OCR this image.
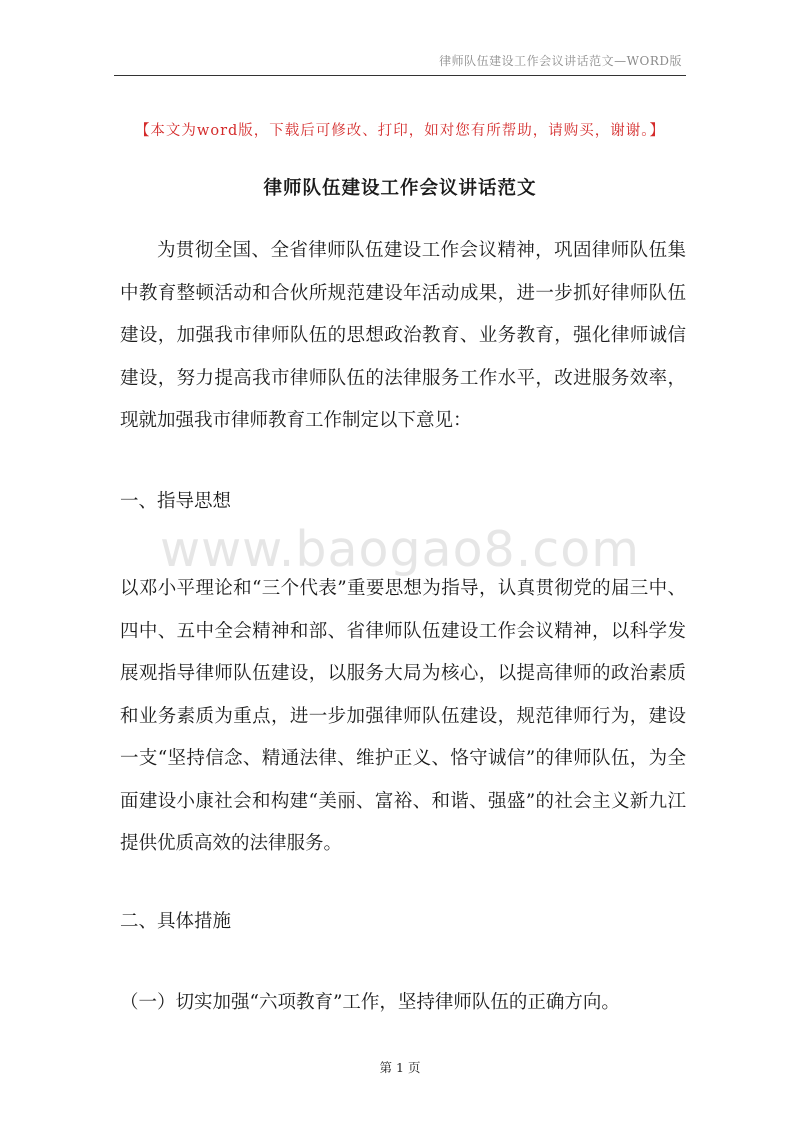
律师队伍建设工作会议讲话范文—WORD版
【本文为word版，下载后可修改、打印，如对您有所帮助，请购买，谢谢。】
律师队伍建设工作会议讲话范文
为贯彻全国、全省律师队伍建设工作会议精神，巩固律师队伍集中教育整顿活动和合伙所规范建设年活动成果，进一步抓好律师队伍建设，加强我市律师队伍的思想政治教育、业务教育，强化律师诚信建设，努力提高我市律师队伍的法律服务工作水平，改进服务效率，现就加强我市律师教育工作制定以下意见：
一、指导思想
www.baogao8.com
以邓小平理论和“三个代表”重要思想为指导，认真贯彻党的届三中、四中、五中全会精神和部、省律师队伍建设工作会议精神，以科学发展观指导律师队伍建设，以服务大局为核心，以提高律师的政治素质和业务素质为重点，进一步加强律师队伍建设，规范律师行为，建设一支“坚持信念、精通法律、维护正义、恪守诚信”的律师队伍，为全面建设小康社会和构建“美丽、富裕、和谐、强盛”的社会主义新九江提供优质高效的法律服务。
二、具体措施
（一）切实加强“六项教育”工作，坚持律师队伍的正确方向。
第 1 页
